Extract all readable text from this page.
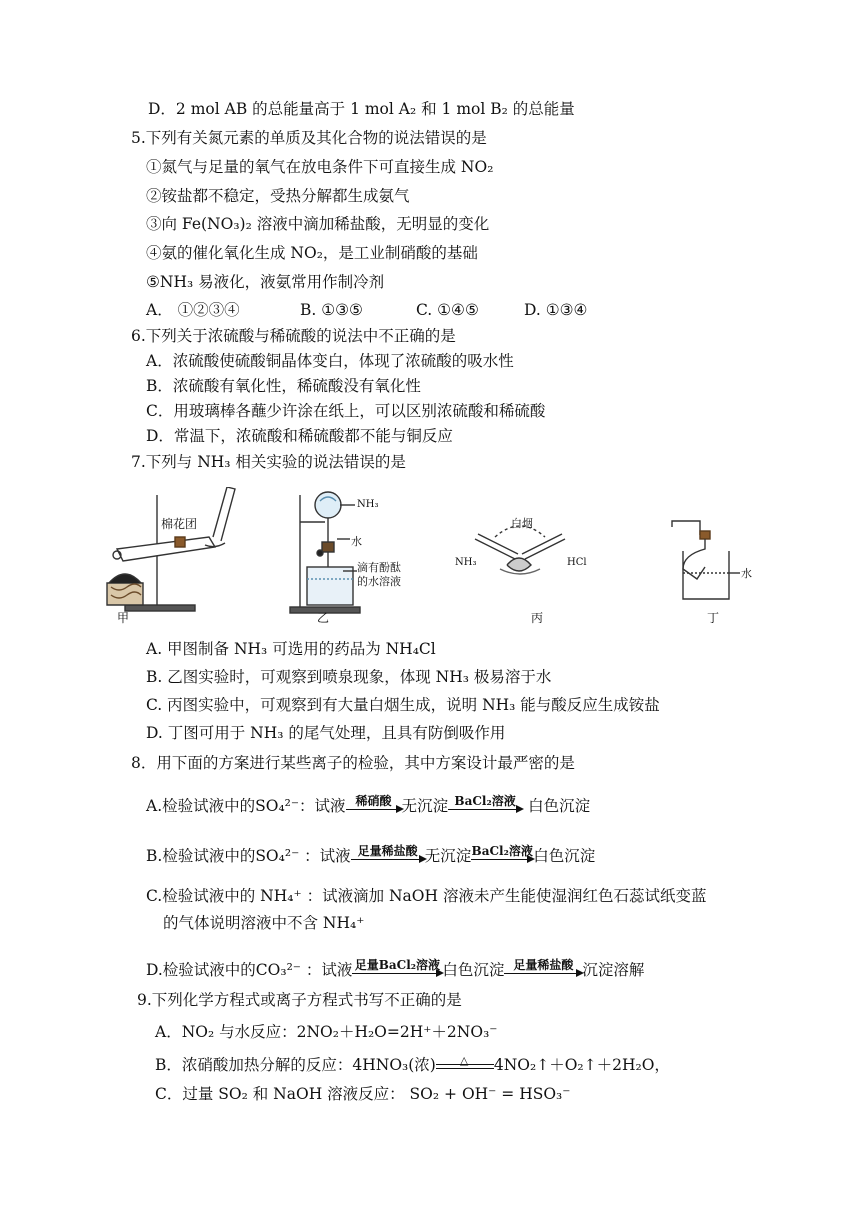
D．2 mol AB 的总能量高于 1 mol A₂ 和 1 mol B₂ 的总能量
5.下列有关氮元素的单质及其化合物的说法错误的是
①氮气与足量的氧气在放电条件下可直接生成 NO₂
②铵盐都不稳定，受热分解都生成氨气
③向 Fe(NO₃)₂ 溶液中滴加稀盐酸，无明显的变化
④氨的催化氧化生成 NO₂，是工业制硝酸的基础
⑤NH₃ 易液化，液氨常用作制冷剂
A． ①②③④	B. ①③⑤	C. ①④⑤	D. ①③④
6.下列关于浓硫酸与稀硫酸的说法中不正确的是
A．浓硫酸使硫酸铜晶体变白，体现了浓硫酸的吸水性
B．浓硫酸有氧化性，稀硫酸没有氧化性
C．用玻璃棒各蘸少许涂在纸上，可以区别浓硫酸和稀硫酸
D．常温下，浓硫酸和稀硫酸都不能与铜反应
7.下列与 NH₃ 相关实验的说法错误的是
棉花团
NH₃
水
滴有酚酞
的水溶液
白烟
NH₃	HCl
水
甲	乙	丙	丁
A. 甲图制备 NH₃ 可选用的药品为 NH₄Cl
B. 乙图实验时，可观察到喷泉现象，体现 NH₃ 极易溶于水
C. 丙图实验中，可观察到有大量白烟生成，说明 NH₃ 能与酸反应生成铵盐
D. 丁图可用于 NH₃ 的尾气处理，且具有防倒吸作用
8．用下面的方案进行某些离子的检验，其中方案设计最严密的是
A.检验试液中的SO₄²⁻：试液 稀硝酸 无沉淀 BaCl₂溶液 白色沉淀
B.检验试液中的SO₄²⁻ ：试液 足量稀盐酸 无沉淀 BaCl₂溶液 白色沉淀
C.检验试液中的 NH₄⁺ ：试液滴加 NaOH 溶液未产生能使湿润红色石蕊试纸变蓝
的气体说明溶液中不含 NH₄⁺
D.检验试液中的CO₃²⁻ ：试液 足量BaCl₂溶液 白色沉淀 足量稀盐酸 沉淀溶解
9.下列化学方程式或离子方程式书写不正确的是
A．NO₂ 与水反应：2NO₂＋H₂O=2H⁺＋2NO₃⁻
B．浓硝酸加热分解的反应：4HNO₃(浓) △ 4NO₂↑＋O₂↑＋2H₂O，
C．过量 SO₂ 和 NaOH 溶液反应： SO₂ + OH⁻ = HSO₃⁻
